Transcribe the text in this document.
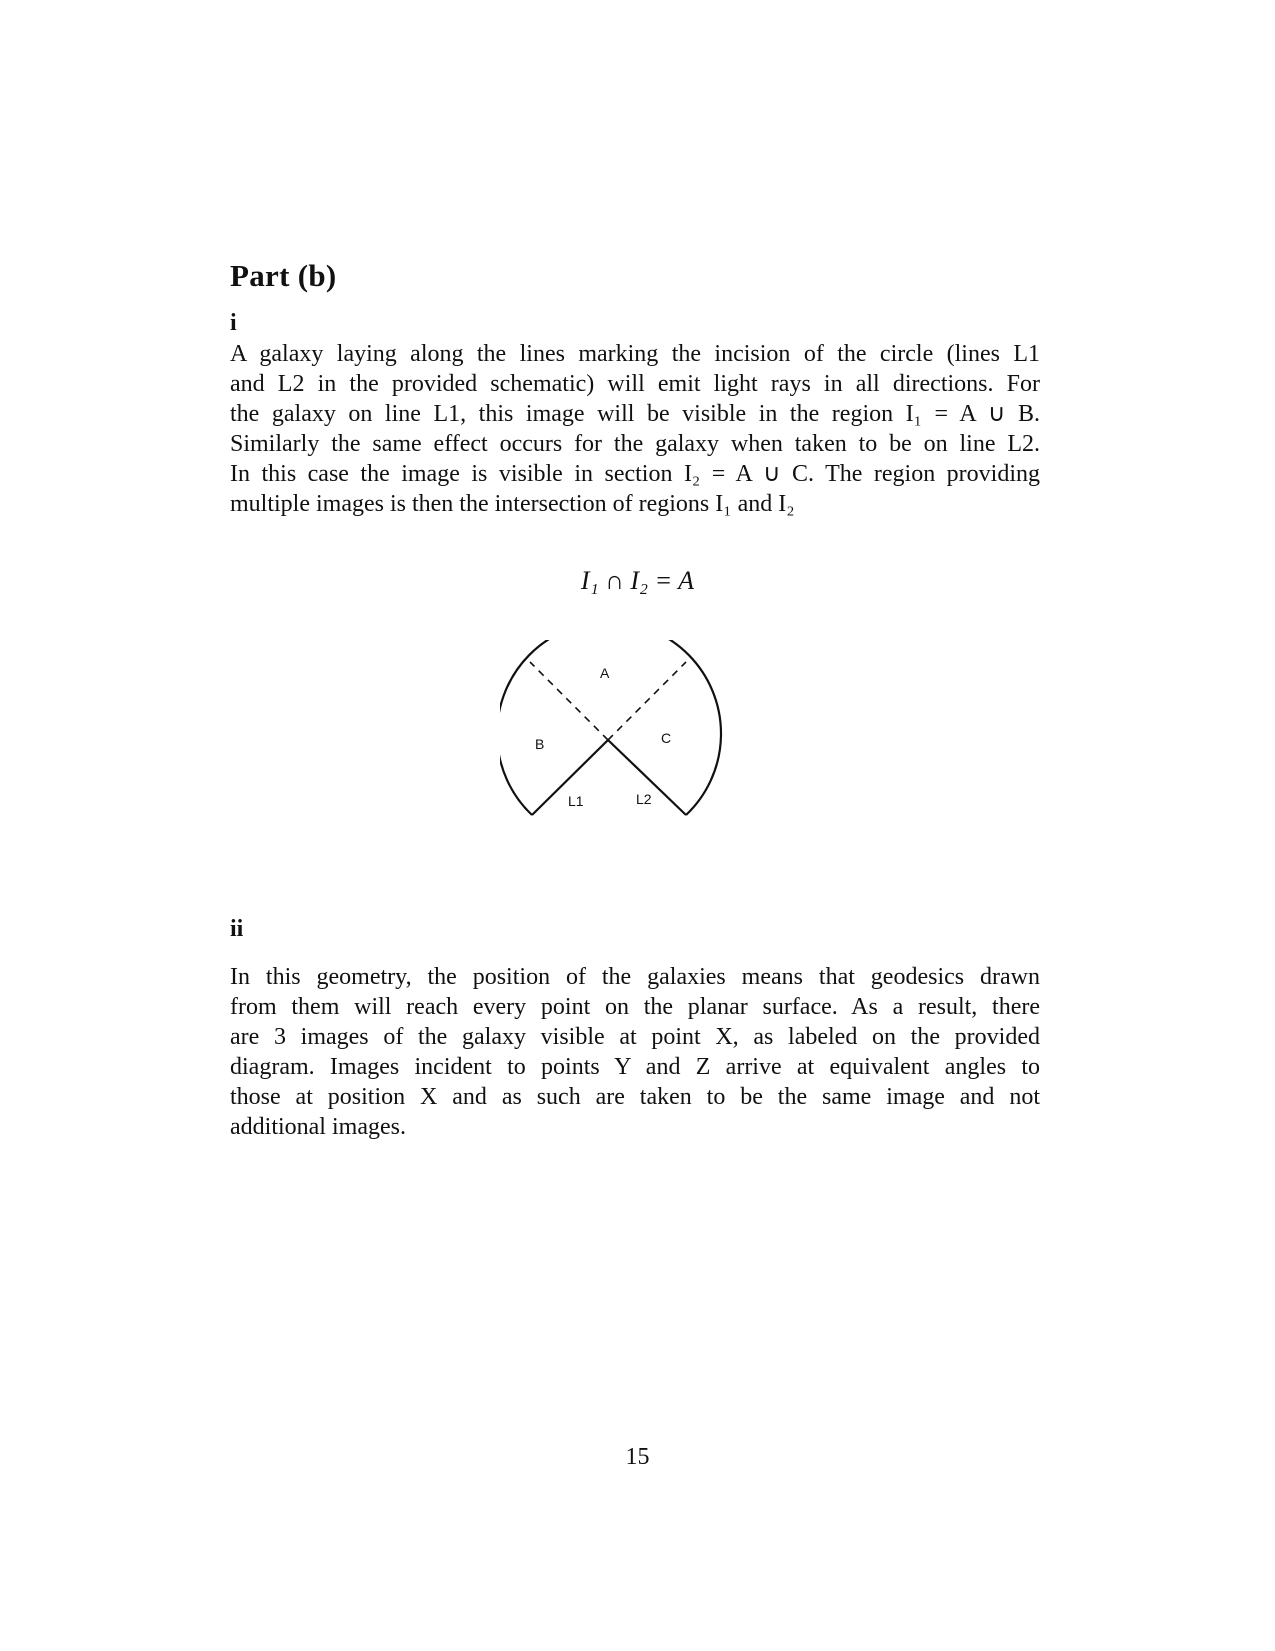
Part (b)
i
A galaxy laying along the lines marking the incision of the circle (lines L1
and L2 in the provided schematic) will emit light rays in all directions. For
the galaxy on line L1, this image will be visible in the region I₁ = A ∪ B.
Similarly the same effect occurs for the galaxy when taken to be on line L2.
In this case the image is visible in section I₂ = A ∪ C. The region providing
multiple images is then the intersection of regions I₁ and I₂
I₁ ∩ I₂ = A
A
B	C
L1	L2
ii
In this geometry, the position of the galaxies means that geodesics drawn
from them will reach every point on the planar surface. As a result, there
are 3 images of the galaxy visible at point X, as labeled on the provided
diagram. Images incident to points Y and Z arrive at equivalent angles to
those at position X and as such are taken to be the same image and not
additional images.
15
